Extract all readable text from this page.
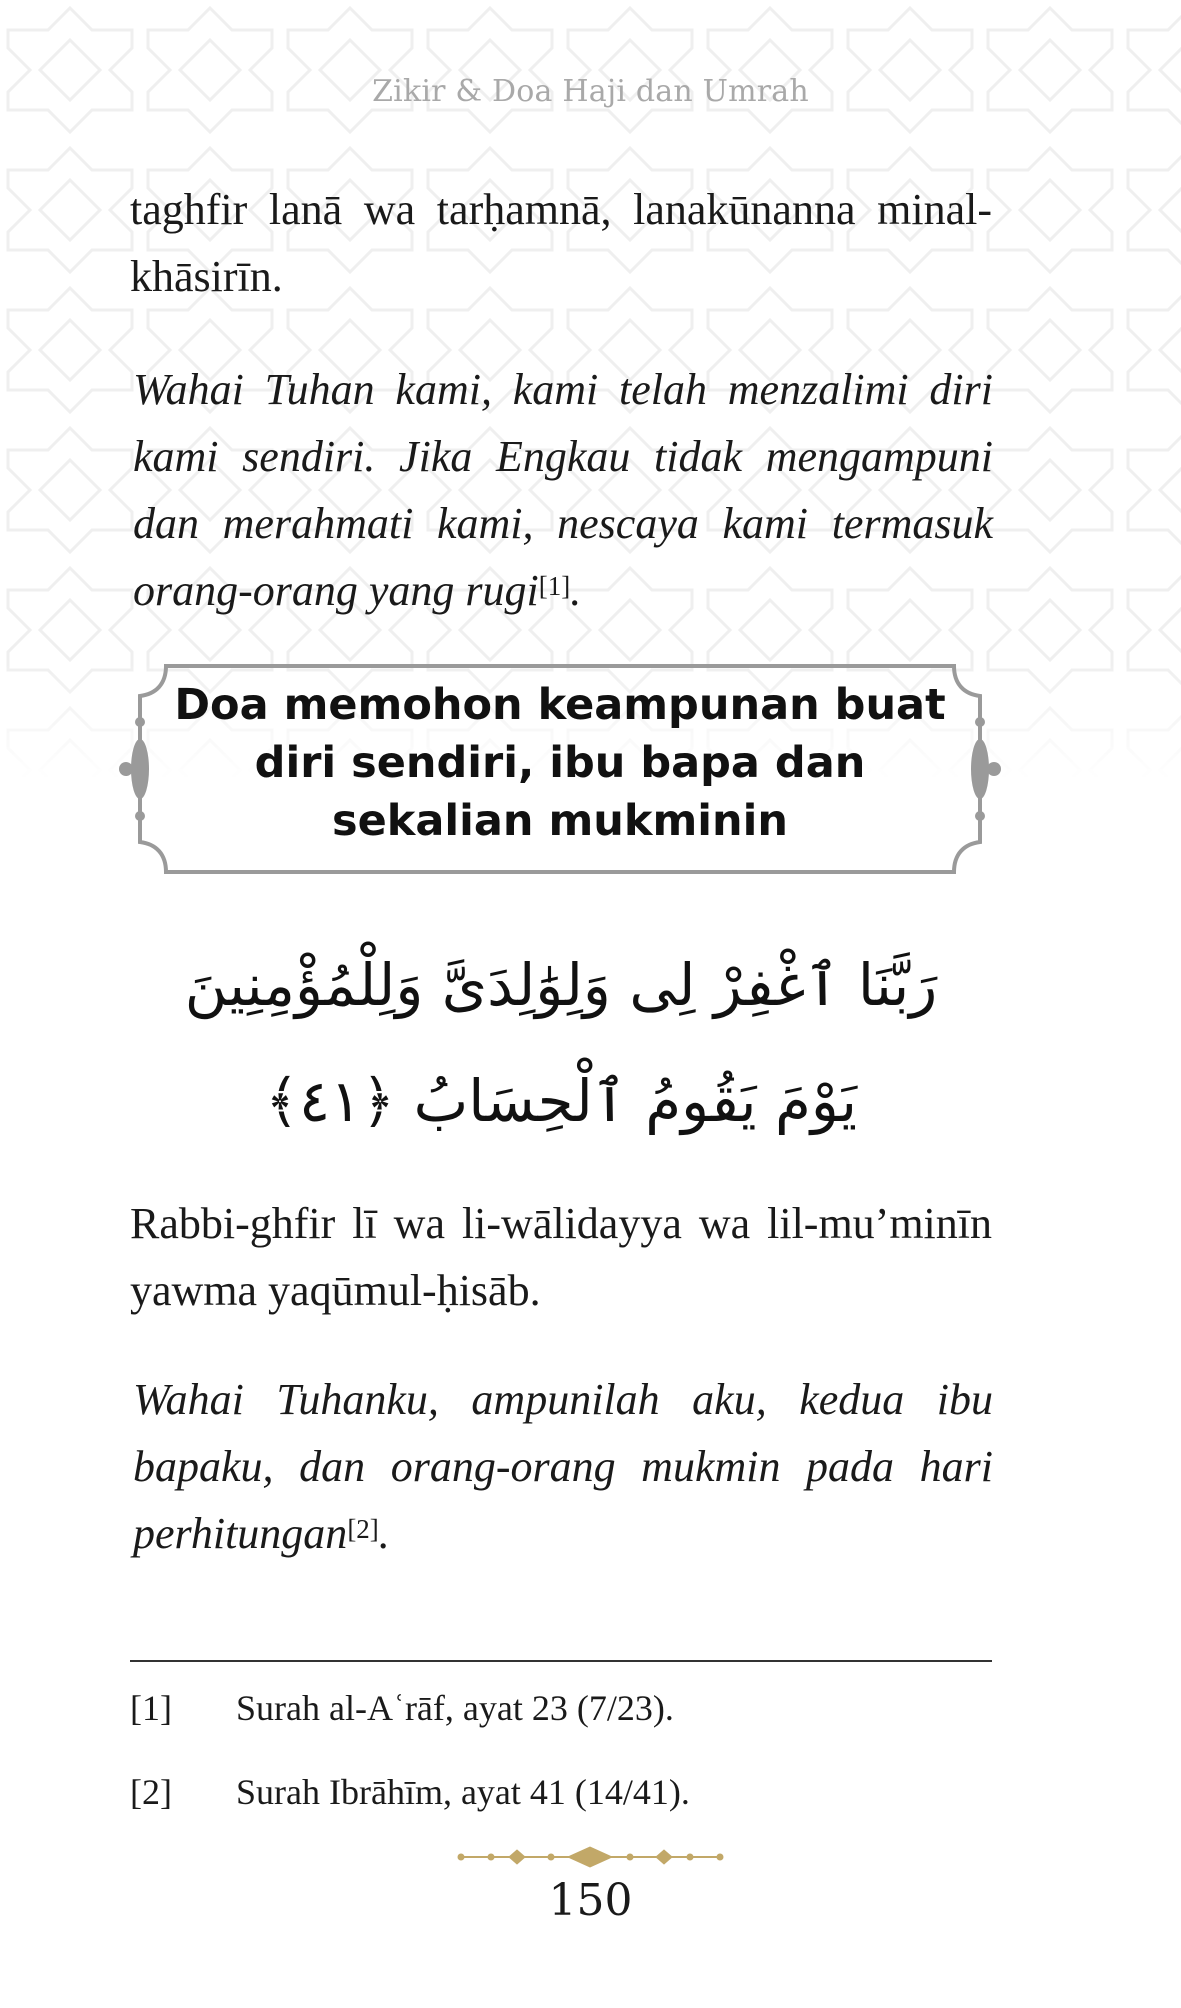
Zikir & Doa Haji dan Umrah
taghfir lanā wa tarḥamnā, lanakūnanna minal-khāsirīn.
Wahai Tuhan kami, kami telah menzalimi diri kami sendiri. Jika Engkau tidak mengampuni dan merahmati kami, nescaya kami termasuk orang-orang yang rugi[1].
Doa memohon keampunan buat diri sendiri, ibu bapa dan sekalian mukminin
رَبَّنَا ٱغْفِرْ لِى وَلِوَٰلِدَىَّ وَلِلْمُؤْمِنِينَ
يَوْمَ يَقُومُ ٱلْحِسَابُ ﴿٤١﴾
Rabbi-ghfir lī wa li-wālidayya wa lil-mu’minīn yawma yaqūmul-ḥisāb.
Wahai Tuhanku, ampunilah aku, kedua ibu bapaku, dan orang-orang mukmin pada hari perhitungan[2].
[1] Surah al-Aʿrāf, ayat 23 (7/23).
[2] Surah Ibrāhīm, ayat 41 (14/41).
150
